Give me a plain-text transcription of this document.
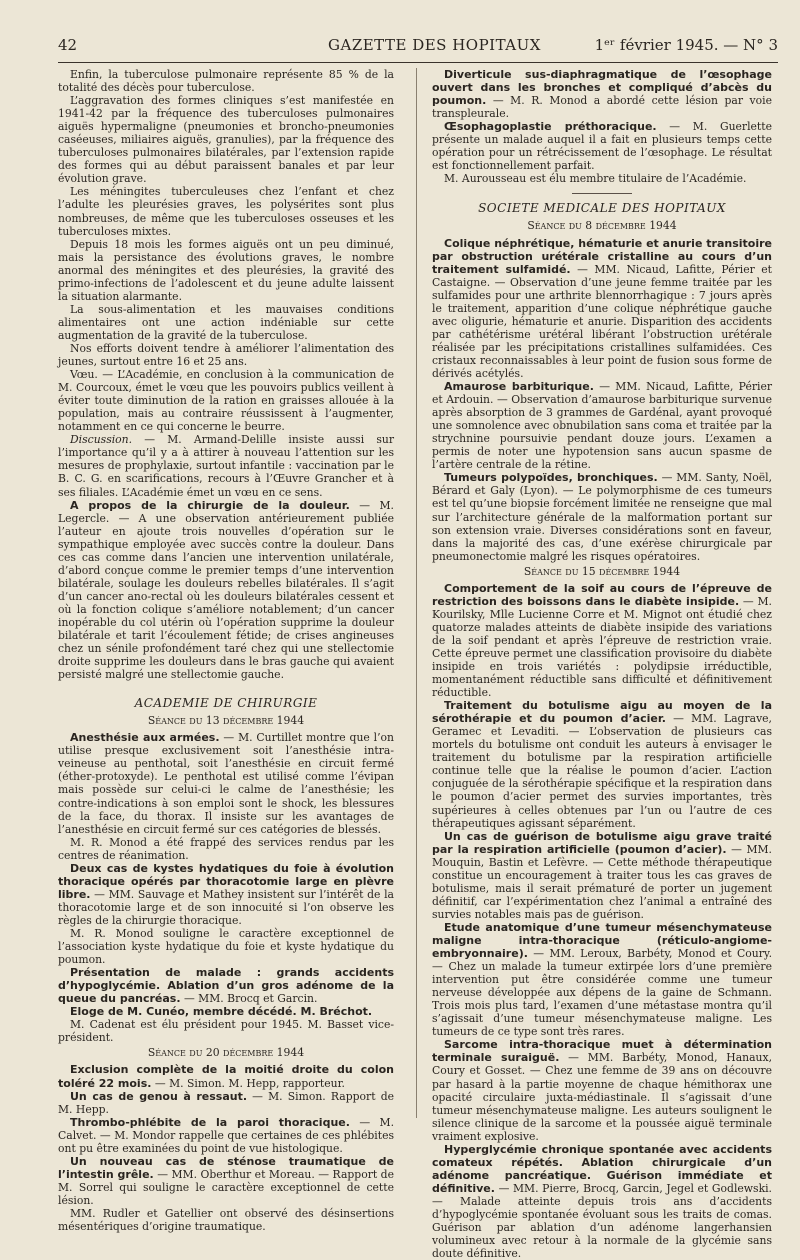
42	GAZETTE DES HOPITAUX	1ᵉʳ février 1945. — N° 3

Enfin, la tuberculose pulmonaire représente 85 % de la totalité des décès pour tuberculose.

L’aggravation des formes cliniques s’est manifestée en 1941-42 par la fréquence des tuberculoses pulmonaires aiguës hypermaligne (pneumonies et broncho-pneumonies caséeuses, miliaires aiguës, granulies), par la fréquence des tuberculoses pulmonaires bilatérales, par l’extension rapide des formes qui au début paraissent banales et par leur évolution grave.

Les méningites tuberculeuses chez l’enfant et chez l’adulte les pleurésies graves, les polysérites sont plus nombreuses, de même que les tuberculoses osseuses et les tuberculoses mixtes.

Depuis 18 mois les formes aiguës ont un peu diminué, mais la persistance des évolutions graves, le nombre anormal des méningites et des pleurésies, la gravité des primo-infections de l’adolescent et du jeune adulte laissent la situation alarmante.

La sous-alimentation et les mauvaises conditions alimentaires ont une action indéniable sur cette augmentation de la gravité de la tuberculose.

Nos efforts doivent tendre à améliorer l’alimentation des jeunes, surtout entre 16 et 25 ans.

Vœu. — L’Académie, en conclusion à la communication de M. Courcoux, émet le vœu que les pouvoirs publics veillent à éviter toute diminution de la ration en graisses allouée à la population, mais au contraire réussissent à l’augmenter, notamment en ce qui concerne le beurre.

Discussion. — M. Armand-Delille insiste aussi sur l’importance qu’il y a à attirer à nouveau l’attention sur les mesures de prophylaxie, surtout infantile : vaccination par le B. C. G. en scarifications, recours à l’Œuvre Grancher et à ses filiales. L’Académie émet un vœu en ce sens.

A propos de la chirurgie de la douleur. — M. Legercle. — A une observation antérieurement publiée l’auteur en ajoute trois nouvelles d’opération sur le sympathique employée avec succès contre la douleur. Dans ces cas comme dans l’ancien une intervention unilatérale, d’abord conçue comme le premier temps d’une intervention bilatérale, soulage les douleurs rebelles bilatérales. Il s’agit d’un cancer ano-rectal où les douleurs bilatérales cessent et où la fonction colique s’améliore notablement; d’un cancer inopérable du col utérin où l’opération supprime la douleur bilatérale et tarit l’écoulement fétide; de crises angineuses chez un sénile profondément taré chez qui une stellectomie droite supprime les douleurs dans le bras gauche qui avaient persisté malgré une stellectomie gauche.

ACADEMIE DE CHIRURGIE

Séance du 13 décembre 1944

Anesthésie aux armées. — M. Curtillet montre que l’on utilise presque exclusivement soit l’anesthésie intra-veineuse au penthotal, soit l’anesthésie en circuit fermé (éther-protoxyde). Le penthotal est utilisé comme l’évipan mais possède sur celui-ci le calme de l’anesthésie; les contre-indications à son emploi sont le shock, les blessures de la face, du thorax. Il insiste sur les avantages de l’anesthésie en circuit fermé sur ces catégories de blessés.

M. R. Monod a été frappé des services rendus par les centres de réanimation.

Deux cas de kystes hydatiques du foie à évolution thoracique opérés par thoracotomie large en plèvre libre. — MM. Sauvage et Mathey insistent sur l’intérêt de la thoracotomie large et de son innocuité si l’on observe les règles de la chirurgie thoracique.

M. R. Monod souligne le caractère exceptionnel de l’association kyste hydatique du foie et kyste hydatique du poumon.

Présentation de malade : grands accidents d’hypoglycémie. Ablation d’un gros adénome de la queue du pancréas. — MM. Brocq et Garcin.

Eloge de M. Cunéo, membre décédé. M. Bréchot.

M. Cadenat est élu président pour 1945. M. Basset vice-président.

Séance du 20 décembre 1944

Exclusion complète de la moitié droite du colon toléré 22 mois. — M. Simon. M. Hepp, rapporteur.

Un cas de genou à ressaut. — M. Simon. Rapport de M. Hepp.

Thrombo-phlébite de la paroi thoracique. — M. Calvet. — M. Mondor rappelle que certaines de ces phlébites ont pu être examinées du point de vue histologique.

Un nouveau cas de sténose traumatique de l’intestin grêle. — MM. Oberthur et Moreau. — Rapport de M. Sorrel qui souligne le caractère exceptionnel de cette lésion.

MM. Rudler et Gatellier ont observé des désinsertions mésentériques d’origine traumatique.

Diverticule sus-diaphragmatique de l’œsophage ouvert dans les bronches et compliqué d’abcès du poumon. — M. R. Monod a abordé cette lésion par voie transpleurale.

Œsophagoplastie préthoracique. — M. Guerlette présente un malade auquel il a fait en plusieurs temps cette opération pour un rétrécissement de l’œsophage. Le résultat est fonctionnellement parfait.

M. Aurousseau est élu membre titulaire de l’Académie.

SOCIETE MEDICALE DES HOPITAUX

Séance du 8 décembre 1944

Colique néphrétique, hématurie et anurie transitoire par obstruction urétérale cristalline au cours d’un traitement sulfamidé. — MM. Nicaud, Lafitte, Périer et Castaigne. — Observation d’une jeune femme traitée par les sulfamides pour une arthrite blennorrhagique : 7 jours après le traitement, apparition d’une colique néphrétique gauche avec oligurie, hématurie et anurie. Disparition des accidents par cathétérisme urétéral libérant l’obstruction urétérale réalisée par les précipitations cristallines sulfamidées. Ces cristaux reconnaissables à leur point de fusion sous forme de dérivés acétylés.

Amaurose barbiturique. — MM. Nicaud, Lafitte, Périer et Ardouin. — Observation d’amaurose barbiturique survenue après absorption de 3 grammes de Gardénal, ayant provoqué une somnolence avec obnubilation sans coma et traitée par la strychnine poursuivie pendant douze jours. L’examen a permis de noter une hypotension sans aucun spasme de l’artère centrale de la rétine.

Tumeurs polypoïdes, bronchiques. — MM. Santy, Noël, Bérard et Galy (Lyon). — Le polymorphisme de ces tumeurs est tel qu’une biopsie forcément limitée ne renseigne que mal sur l’architecture générale de la malformation portant sur son extension vraie. Diverses considérations sont en faveur, dans la majorité des cas, d’une exérèse chirurgicale par pneumonectomie malgré les risques opératoires.

Séance du 15 décembre 1944

Comportement de la soif au cours de l’épreuve de restriction des boissons dans le diabète insipide. — M. Kourilsky, Mlle Lucienne Corre et M. Mignot ont étudié chez quatorze malades atteints de diabète insipide des variations de la soif pendant et après l’épreuve de restriction vraie. Cette épreuve permet une classification provisoire du diabète insipide en trois variétés : polydipsie irréductible, momentanément réductible sans difficulté et définitivement réductible.

Traitement du botulisme aigu au moyen de la sérothérapie et du poumon d’acier. — MM. Lagrave, Geramec et Levaditi. — L’observation de plusieurs cas mortels du botulisme ont conduit les auteurs à envisager le traitement du botulisme par la respiration artificielle continue telle que la réalise le poumon d’acier. L’action conjuguée de la sérothérapie spécifique et la respiration dans le poumon d’acier permet des survies importantes, très supérieures à celles obtenues par l’un ou l’autre de ces thérapeutiques agissant séparément.

Un cas de guérison de botulisme aigu grave traité par la respiration artificielle (poumon d’acier). — MM. Mouquin, Bastin et Lefèvre. — Cette méthode thérapeutique constitue un encouragement à traiter tous les cas graves de botulisme, mais il serait prématuré de porter un jugement définitif, car l’expérimentation chez l’animal a entraîné des survies notables mais pas de guérison.

Etude anatomique d’une tumeur mésenchymateuse maligne intra-thoracique (réticulo-angiome-embryonnaire). — MM. Leroux, Barbéty, Monod et Coury. — Chez un malade la tumeur extirpée lors d’une première intervention put être considérée comme une tumeur nerveuse développée aux dépens de la gaine de Schmann. Trois mois plus tard, l’examen d’une métastase montra qu’il s’agissait d’une tumeur mésenchymateuse maligne. Les tumeurs de ce type sont très rares.

Sarcome intra-thoracique muet à détermination terminale suraiguë. — MM. Barbéty, Monod, Hanaux, Coury et Gosset. — Chez une femme de 39 ans on découvre par hasard à la partie moyenne de chaque hémithorax une opacité circulaire juxta-médiastinale. Il s’agissait d’une tumeur mésenchymateuse maligne. Les auteurs soulignent le silence clinique de la sarcome et la poussée aiguë terminale vraiment explosive.

Hyperglycémie chronique spontanée avec accidents comateux répétés. Ablation chirurgicale d’un adénome pancréatique. Guérison immédiate et définitive. — MM. Pierre, Brocq, Garcin, Jegel et Godlewski. — Malade atteinte depuis trois ans d’accidents d’hypoglycémie spontanée évoluant sous les traits de comas. Guérison par ablation d’un adénome langerhansien volumineux avec retour à la normale de la glycémie sans doute définitive.
